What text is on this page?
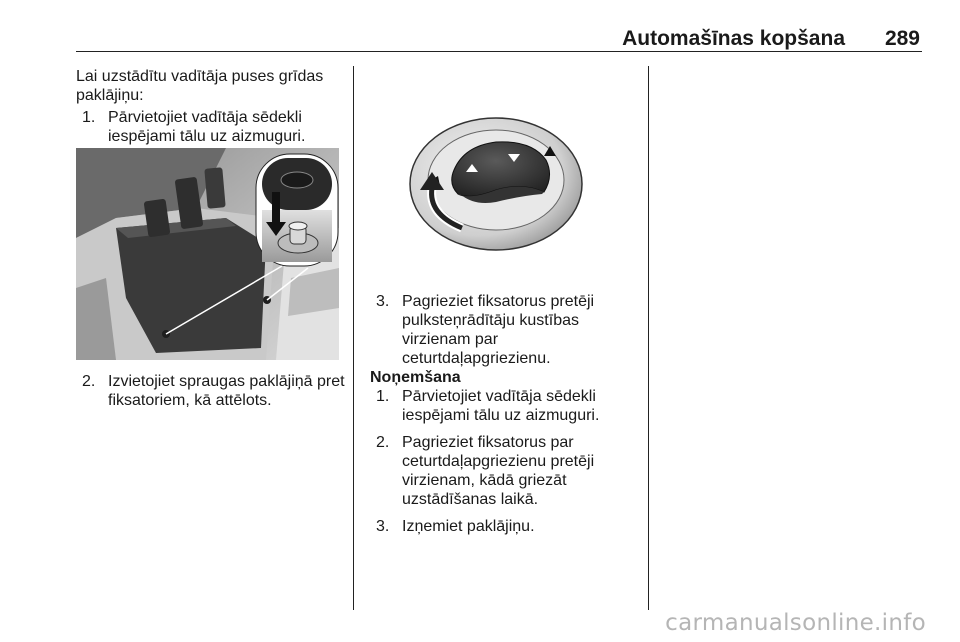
Automašīnas kopšana 289

Lai uzstādītu vadītāja puses grīdas paklājiņu:

1. Pārvietojiet vadītāja sēdekli iespējami tālu uz aizmuguri.
2. Izvietojiet spraugas paklājiņā pret fiksatoriem, kā attēlots.
3. Pagrieziet fiksatorus pretēji pulksteņrādītāju kustības virzienam par ceturtdaļapgriezienu.

Noņemšana

1. Pārvietojiet vadītāja sēdekli iespējami tālu uz aizmuguri.
2. Pagrieziet fiksatorus par ceturtdaļapgriezienu pretēji virzienam, kādā griezāt uzstādīšanas laikā.
3. Izņemiet paklājiņu.
carmanualsonline.info
